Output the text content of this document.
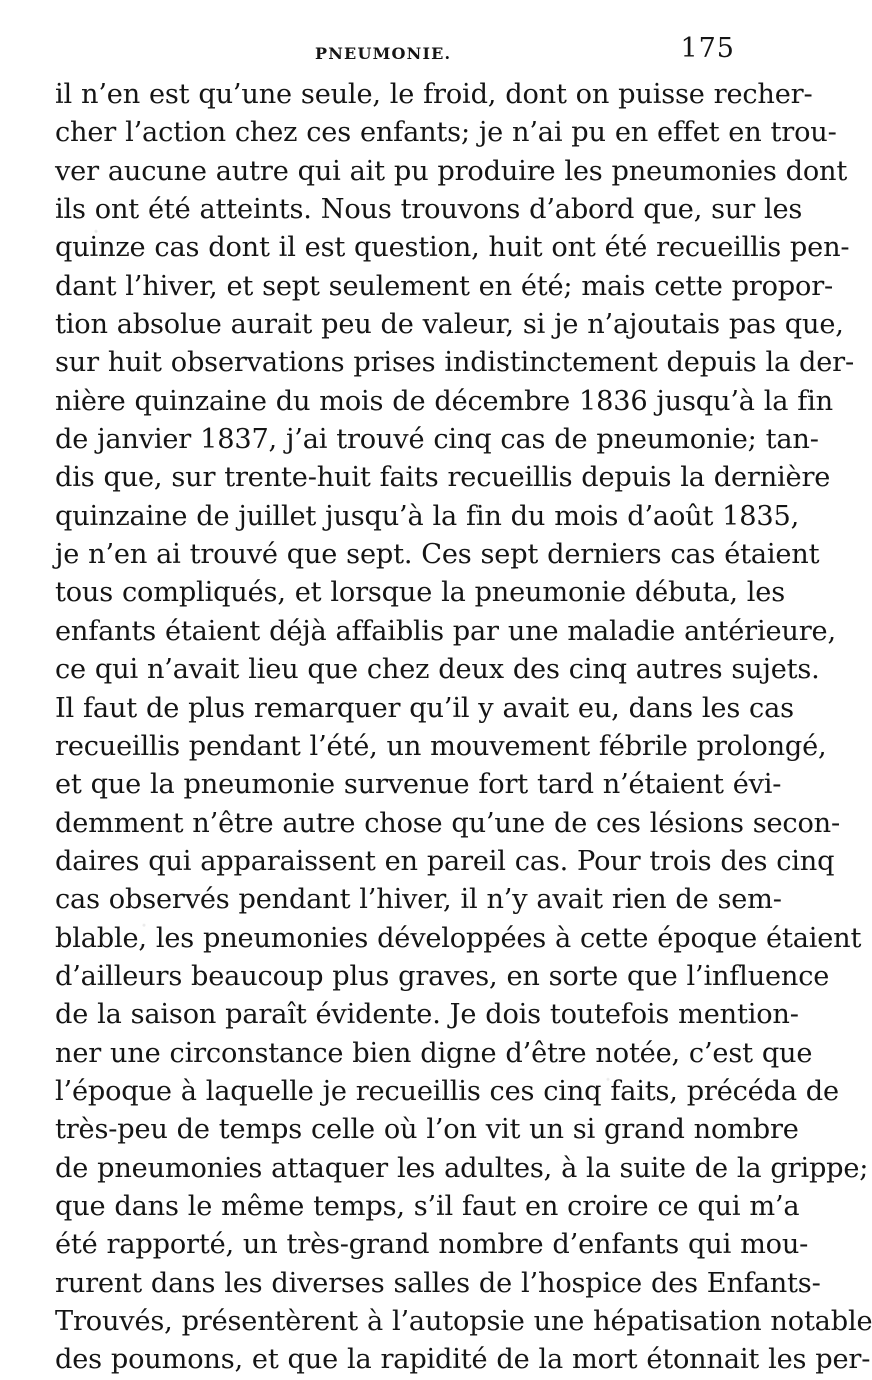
PNEUMONIE.	175
il n’en est qu’une seule, le froid, dont on puisse recher-
cher l’action chez ces enfants; je n’ai pu en effet en trou-
ver aucune autre qui ait pu produire les pneumonies dont
ils ont été atteints. Nous trouvons d’abord que, sur les
quinze cas dont il est question, huit ont été recueillis pen-
dant l’hiver, et sept seulement en été; mais cette propor-
tion absolue aurait peu de valeur, si je n’ajoutais pas que,
sur huit observations prises indistinctement depuis la der-
nière quinzaine du mois de décembre 1836 jusqu’à la fin
de janvier 1837, j’ai trouvé cinq cas de pneumonie; tan-
dis que, sur trente-huit faits recueillis depuis la dernière
quinzaine de juillet jusqu’à la fin du mois d’août 1835,
je n’en ai trouvé que sept. Ces sept derniers cas étaient
tous compliqués, et lorsque la pneumonie débuta, les
enfants étaient déjà affaiblis par une maladie antérieure,
ce qui n’avait lieu que chez deux des cinq autres sujets.
Il faut de plus remarquer qu’il y avait eu, dans les cas
recueillis pendant l’été, un mouvement fébrile prolongé,
et que la pneumonie survenue fort tard n’étaient évi-
demment n’être autre chose qu’une de ces lésions secon-
daires qui apparaissent en pareil cas. Pour trois des cinq
cas observés pendant l’hiver, il n’y avait rien de sem-
blable, les pneumonies développées à cette époque étaient
d’ailleurs beaucoup plus graves, en sorte que l’influence
de la saison paraît évidente. Je dois toutefois mention-
ner une circonstance bien digne d’être notée, c’est que
l’époque à laquelle je recueillis ces cinq faits, précéda de
très-peu de temps celle où l’on vit un si grand nombre
de pneumonies attaquer les adultes, à la suite de la grippe;
que dans le même temps, s’il faut en croire ce qui m’a
été rapporté, un très-grand nombre d’enfants qui mou-
rurent dans les diverses salles de l’hospice des Enfants-
Trouvés, présentèrent à l’autopsie une hépatisation notable
des poumons, et que la rapidité de la mort étonnait les per-
